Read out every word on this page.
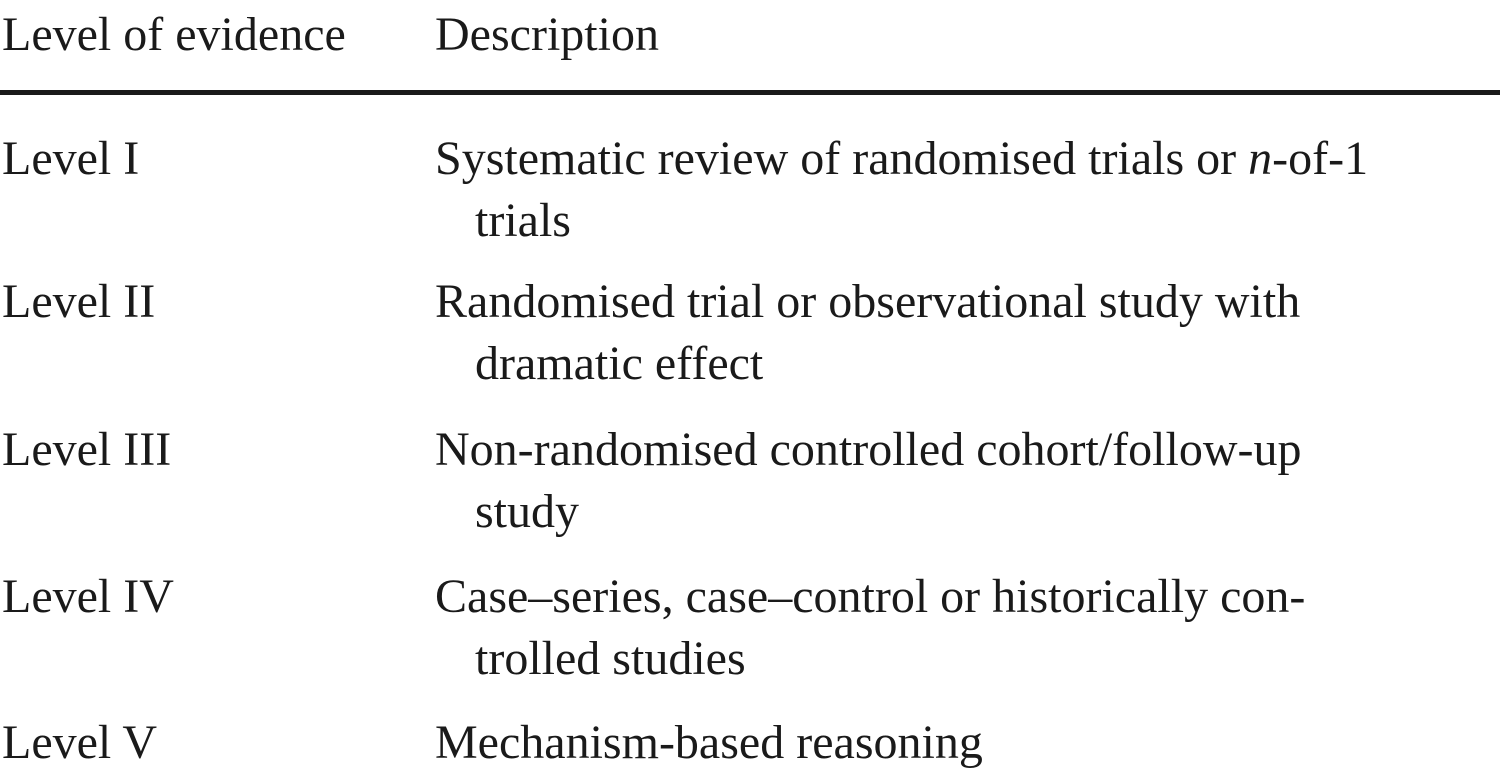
Level of evidence Description
Level I	Systematic review of randomised trials or n-of-1
trials
Level II	Randomised trial or observational study with
dramatic effect
Level III	Non-randomised controlled cohort/follow-up
study
Level IV	Case–series, case–control or historically con-
trolled studies
Level V	Mechanism-based reasoning
